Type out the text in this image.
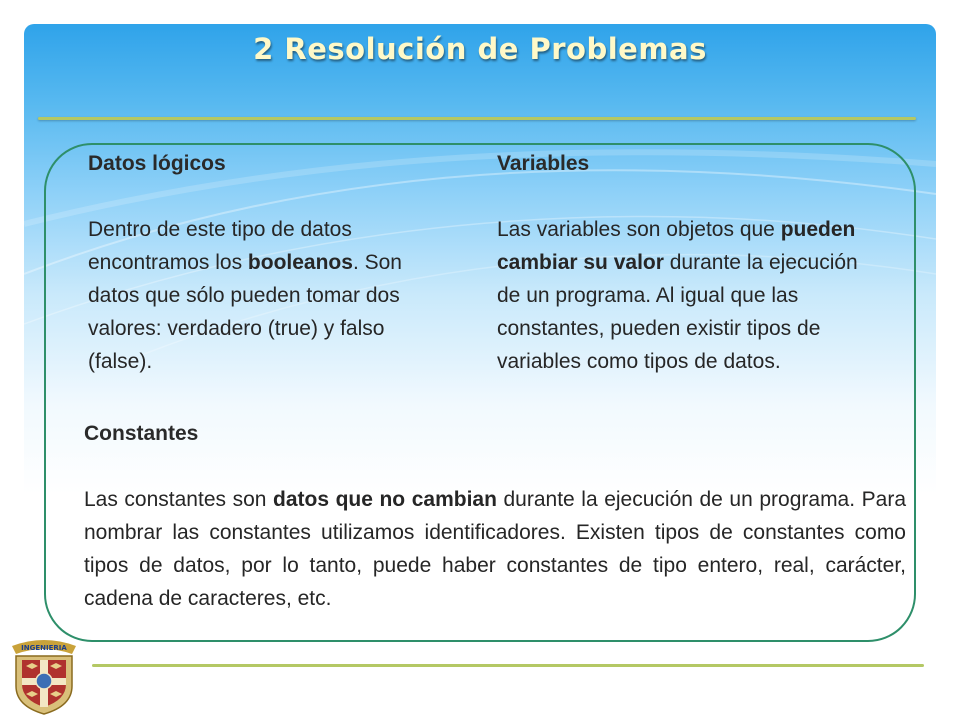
2 Resolución de Problemas

Datos lógicos

Dentro de este tipo de datos encontramos los booleanos. Son datos que sólo pueden tomar dos valores: verdadero (true) y falso (false).

Variables

Las variables son objetos que pueden cambiar su valor durante la ejecución de un programa. Al igual que las constantes, pueden existir tipos de variables como tipos de datos.

Constantes

Las constantes son datos que no cambian durante la ejecución de un programa. Para nombrar las constantes utilizamos identificadores. Existen tipos de constantes como tipos de datos, por lo tanto, puede haber constantes de tipo entero, real, carácter, cadena de caracteres, etc.

INGENIERIA
